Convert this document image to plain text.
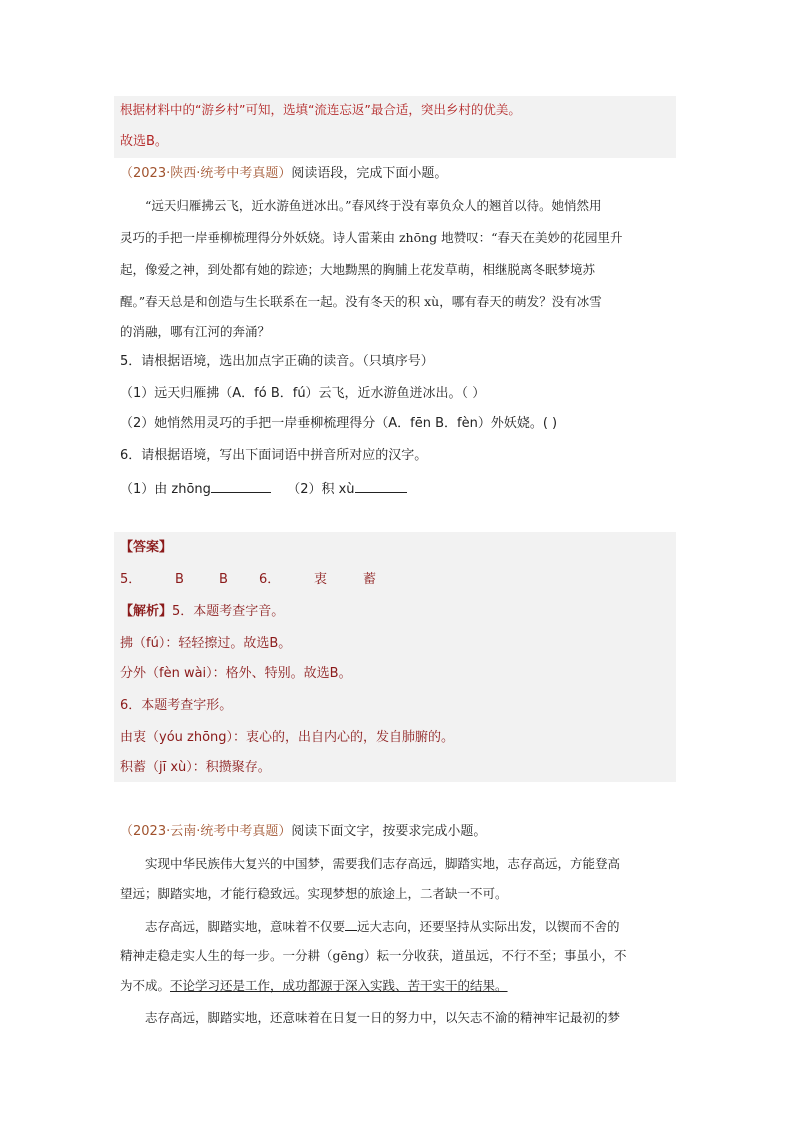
根据材料中的“游乡村”可知，选填“流连忘返”最合适，突出乡村的优美。
故选B。
（2023·陕西·统考中考真题）阅读语段，完成下面小题。
“远天归雁拂云飞，近水游鱼迸冰出。”春风终于没有辜负众人的翘首以待。她悄然用
灵巧的手把一岸垂柳梳理得分外妖娆。诗人雷莱由 zhōng 地赞叹：“春天在美妙的花园里升
起，像爱之神，到处都有她的踪迹；大地黝黑的胸脯上花发草萌，相继脱离冬眠梦境苏
醒。”春天总是和创造与生长联系在一起。没有冬天的积 xù，哪有春天的萌发？没有冰雪
的消融，哪有江河的奔涌？
5．请根据语境，选出加点字正确的读音。（只填序号）
（1）远天归雁拂（A．fó B．fú）云飞，近水游鱼迸冰出。（ ）
（2）她悄然用灵巧的手把一岸垂柳梳理得分（A．fēn B．fèn）外妖娆。( )
6．请根据语境，写出下面词语中拼音所对应的汉字。
（1）由 zhōng	（2）积 xù
【答案】
5．	B	B 6．	衷	蓄
【解析】5．本题考查字音。
拂（fú）：轻轻擦过。故选B。
分外（fèn wài）：格外、特别。故选B。
6．本题考查字形。
由衷（yóu zhōng）：衷心的，出自内心的，发自肺腑的。
积蓄（jī xù）：积攒聚存。
（2023·云南·统考中考真题）阅读下面文字，按要求完成小题。
实现中华民族伟大复兴的中国梦，需要我们志存高远，脚踏实地，志存高远，方能登高
望远；脚踏实地，才能行稳致远。实现梦想的旅途上，二者缺一不可。
志存高远，脚踏实地，意味着不仅要 远大志向，还要坚持从实际出发，以锲而不舍的
精神走稳走实人生的每一步。一分耕（gēng）耘一分收获，道虽远，不行不至；事虽小，不
为不成。不论学习还是工作，成功都源于深入实践、苦干实干的结果。
志存高远，脚踏实地，还意味着在日复一日的努力中，以矢志不渝的精神牢记最初的梦
